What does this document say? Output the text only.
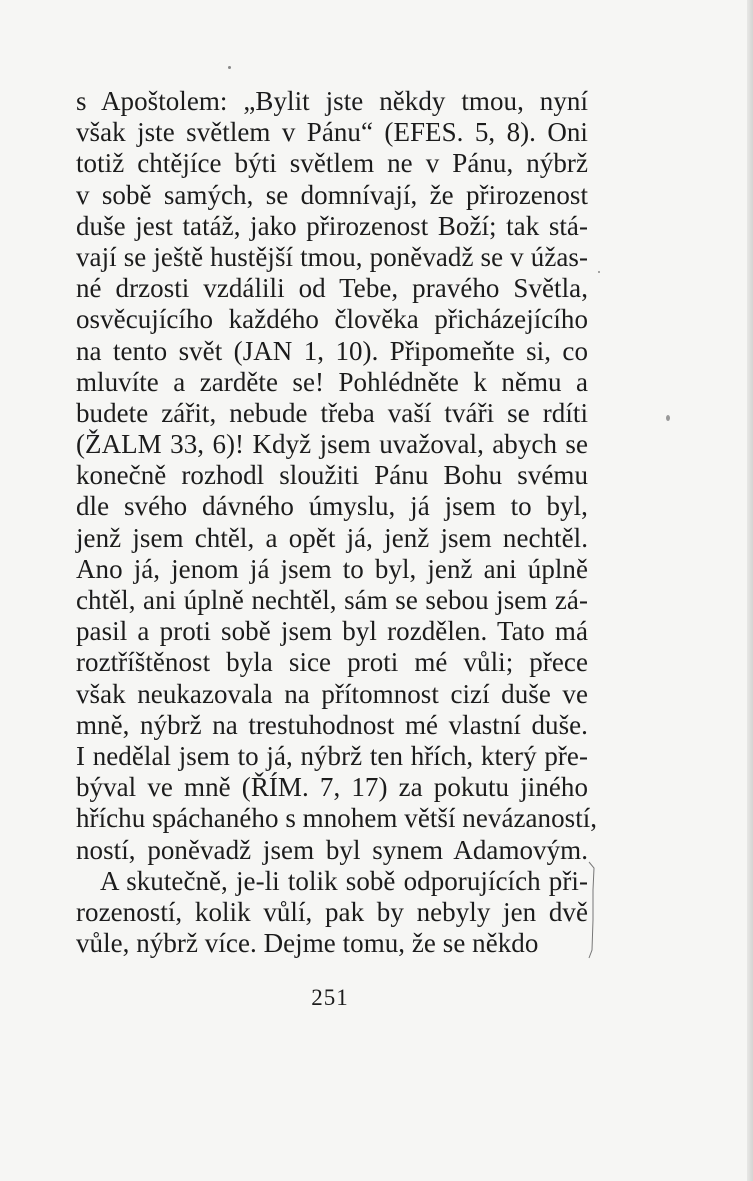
s Apoštolem: „Bylit jste někdy tmou, nyní
však jste světlem v Pánu“ (EFES. 5, 8). Oni
totiž chtějíce býti světlem ne v Pánu, nýbrž
v sobě samých, se domnívají, že přirozenost
duše jest tatáž, jako přirozenost Boží; tak stá-
vají se ještě hustější tmou, poněvadž se v úžas-
né drzosti vzdálili od Tebe, pravého Světla,
osvěcujícího každého člověka přicházejícího
na tento svět (JAN 1, 10). Připomeňte si, co
mluvíte a zarděte se! Pohlédněte k němu a
budete zářit, nebude třeba vaší tváři se rdíti
(ŽALM 33, 6)! Když jsem uvažoval, abych se
konečně rozhodl sloužiti Pánu Bohu svému
dle svého dávného úmyslu, já jsem to byl,
jenž jsem chtěl, a opět já, jenž jsem nechtěl.
Ano já, jenom já jsem to byl, jenž ani úplně
chtěl, ani úplně nechtěl, sám se sebou jsem zá-
pasil a proti sobě jsem byl rozdělen. Tato má
roztříštěnost byla sice proti mé vůli; přece
však neukazovala na přítomnost cizí duše ve
mně, nýbrž na trestuhodnost mé vlastní duše.
I nedělal jsem to já, nýbrž ten hřích, který pře-
býval ve mně (ŘÍM. 7, 17) za pokutu jiného
hříchu spáchaného s mnohem větší nevázaností,
ností, poněvadž jsem byl synem Adamovým.
A skutečně, je-li tolik sobě odporujících při-
rozeností, kolik vůlí, pak by nebyly jen dvě
vůle, nýbrž více. Dejme tomu, že se někdo
251
